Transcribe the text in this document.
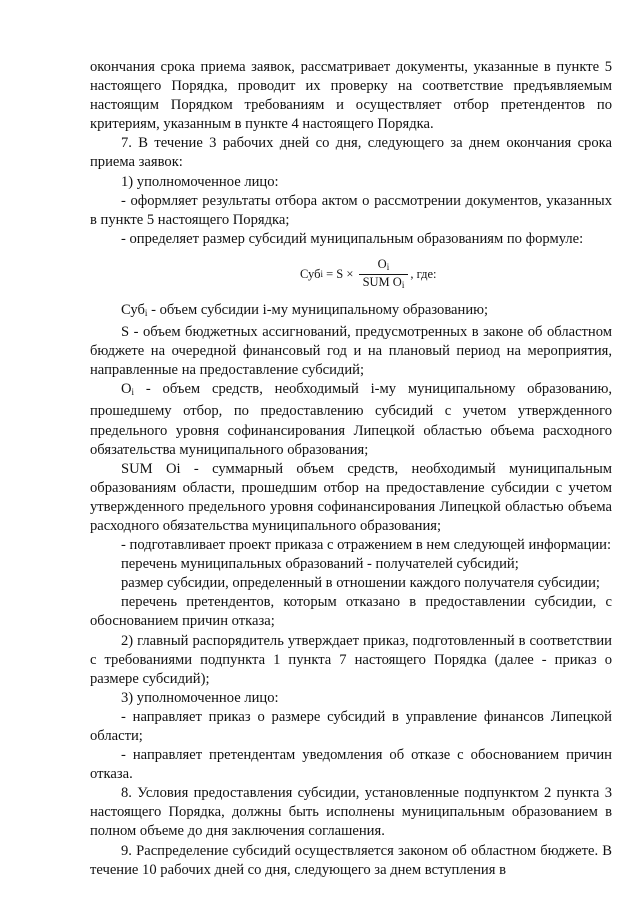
окончания срока приема заявок, рассматривает документы, указанные в пункте 5 настоящего Порядка, проводит их проверку на соответствие предъявляемым настоящим Порядком требованиям и осуществляет отбор претендентов по критериям, указанным в пункте 4 настоящего Порядка.

7. В течение 3 рабочих дней со дня, следующего за днем окончания срока приема заявок:

1) уполномоченное лицо:

- оформляет результаты отбора актом о рассмотрении документов, указанных в пункте 5 настоящего Порядка;

- определяет размер субсидий муниципальным образованиям по формуле:

Суб $i = S \times \frac{O_i}{SUM O_i}$ , где:

Суб$_i$ - объем субсидии i-му муниципальному образованию;

S - объем бюджетных ассигнований, предусмотренных в законе об областном бюджете на очередной финансовый год и на плановый период на мероприятия, направленные на предоставление субсидий;

$O_i$ - объем средств, необходимый i-му муниципальному образованию, прошедшему отбор, по предоставлению субсидий с учетом утвержденного предельного уровня софинансирования Липецкой областью объема расходного обязательства муниципального образования;

SUM Oi - суммарный объем средств, необходимый муниципальным образованиям области, прошедшим отбор на предоставление субсидии с учетом утвержденного предельного уровня софинансирования Липецкой областью объема расходного обязательства муниципального образования;

- подготавливает проект приказа с отражением в нем следующей информации:

перечень муниципальных образований - получателей субсидий;

размер субсидии, определенный в отношении каждого получателя субсидии;

перечень претендентов, которым отказано в предоставлении субсидии, с обоснованием причин отказа;

2) главный распорядитель утверждает приказ, подготовленный в соответствии с требованиями подпункта 1 пункта 7 настоящего Порядка (далее - приказ о размере субсидий);

3) уполномоченное лицо:

- направляет приказ о размере субсидий в управление финансов Липецкой области;

- направляет претендентам уведомления об отказе с обоснованием причин отказа.

8. Условия предоставления субсидии, установленные подпунктом 2 пункта 3 настоящего Порядка, должны быть исполнены муниципальным образованием в полном объеме до дня заключения соглашения.

9. Распределение субсидий осуществляется законом об областном бюджете. В течение 10 рабочих дней со дня, следующего за днем вступления в
